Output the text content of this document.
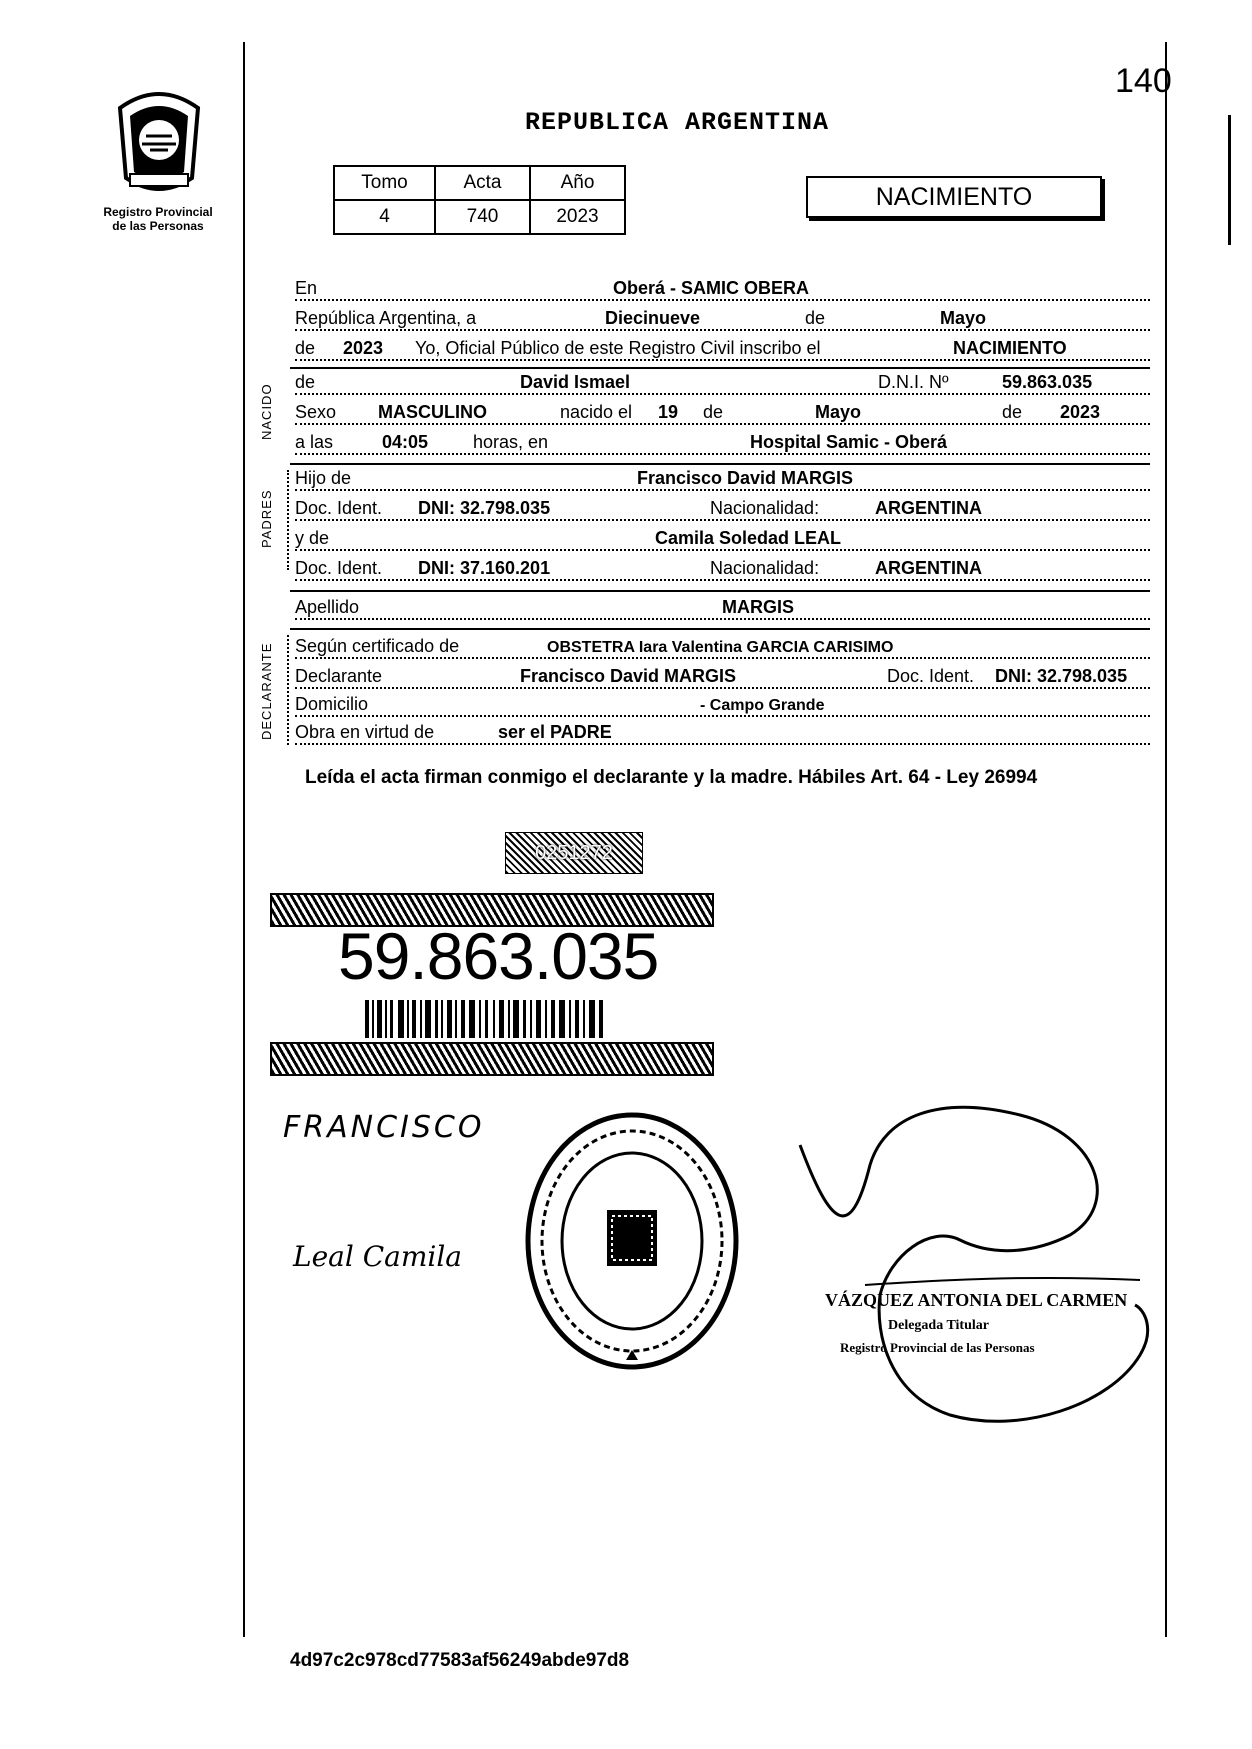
140
Registro Provincial
de las Personas
REPUBLICA ARGENTINA
Tomo	Acta	Año
4	740	2023
NACIMIENTO
En	Oberá - SAMIC OBERA
República Argentina, a	Diecinueve	de	Mayo
de 2023 Yo, Oficial Público de este Registro Civil inscribo el	NACIMIENTO
NACIDO
de	David Ismael	D.N.I. Nº	59.863.035
Sexo MASCULINO	nacido el 19 de	Mayo	de 2023
a las	04:05 horas, en	Hospital Samic - Oberá
PADRES
Hijo de	Francisco David MARGIS
Doc. Ident. DNI: 32.798.035	Nacionalidad:	ARGENTINA
y de	Camila Soledad LEAL
Doc. Ident. DNI: 37.160.201	Nacionalidad:	ARGENTINA
Apellido	MARGIS
DECLARANTE Según certificado de	OBSTETRA Iara Valentina GARCIA CARISIMO
Declarante	Francisco David MARGIS	Doc. Ident. DNI: 32.798.035
Domicilio	- Campo Grande
Obra en virtud de	ser el PADRE
Leída el acta firman conmigo el declarante y la madre. Hábiles Art. 64 - Ley 26994
0251272
59.863.035
FRANCISCO
Leal Camila
VÁZQUEZ ANTONIA DEL CARMEN
Delegada Titular
Registro Provincial de las Personas
4d97c2c978cd77583af56249abde97d8
